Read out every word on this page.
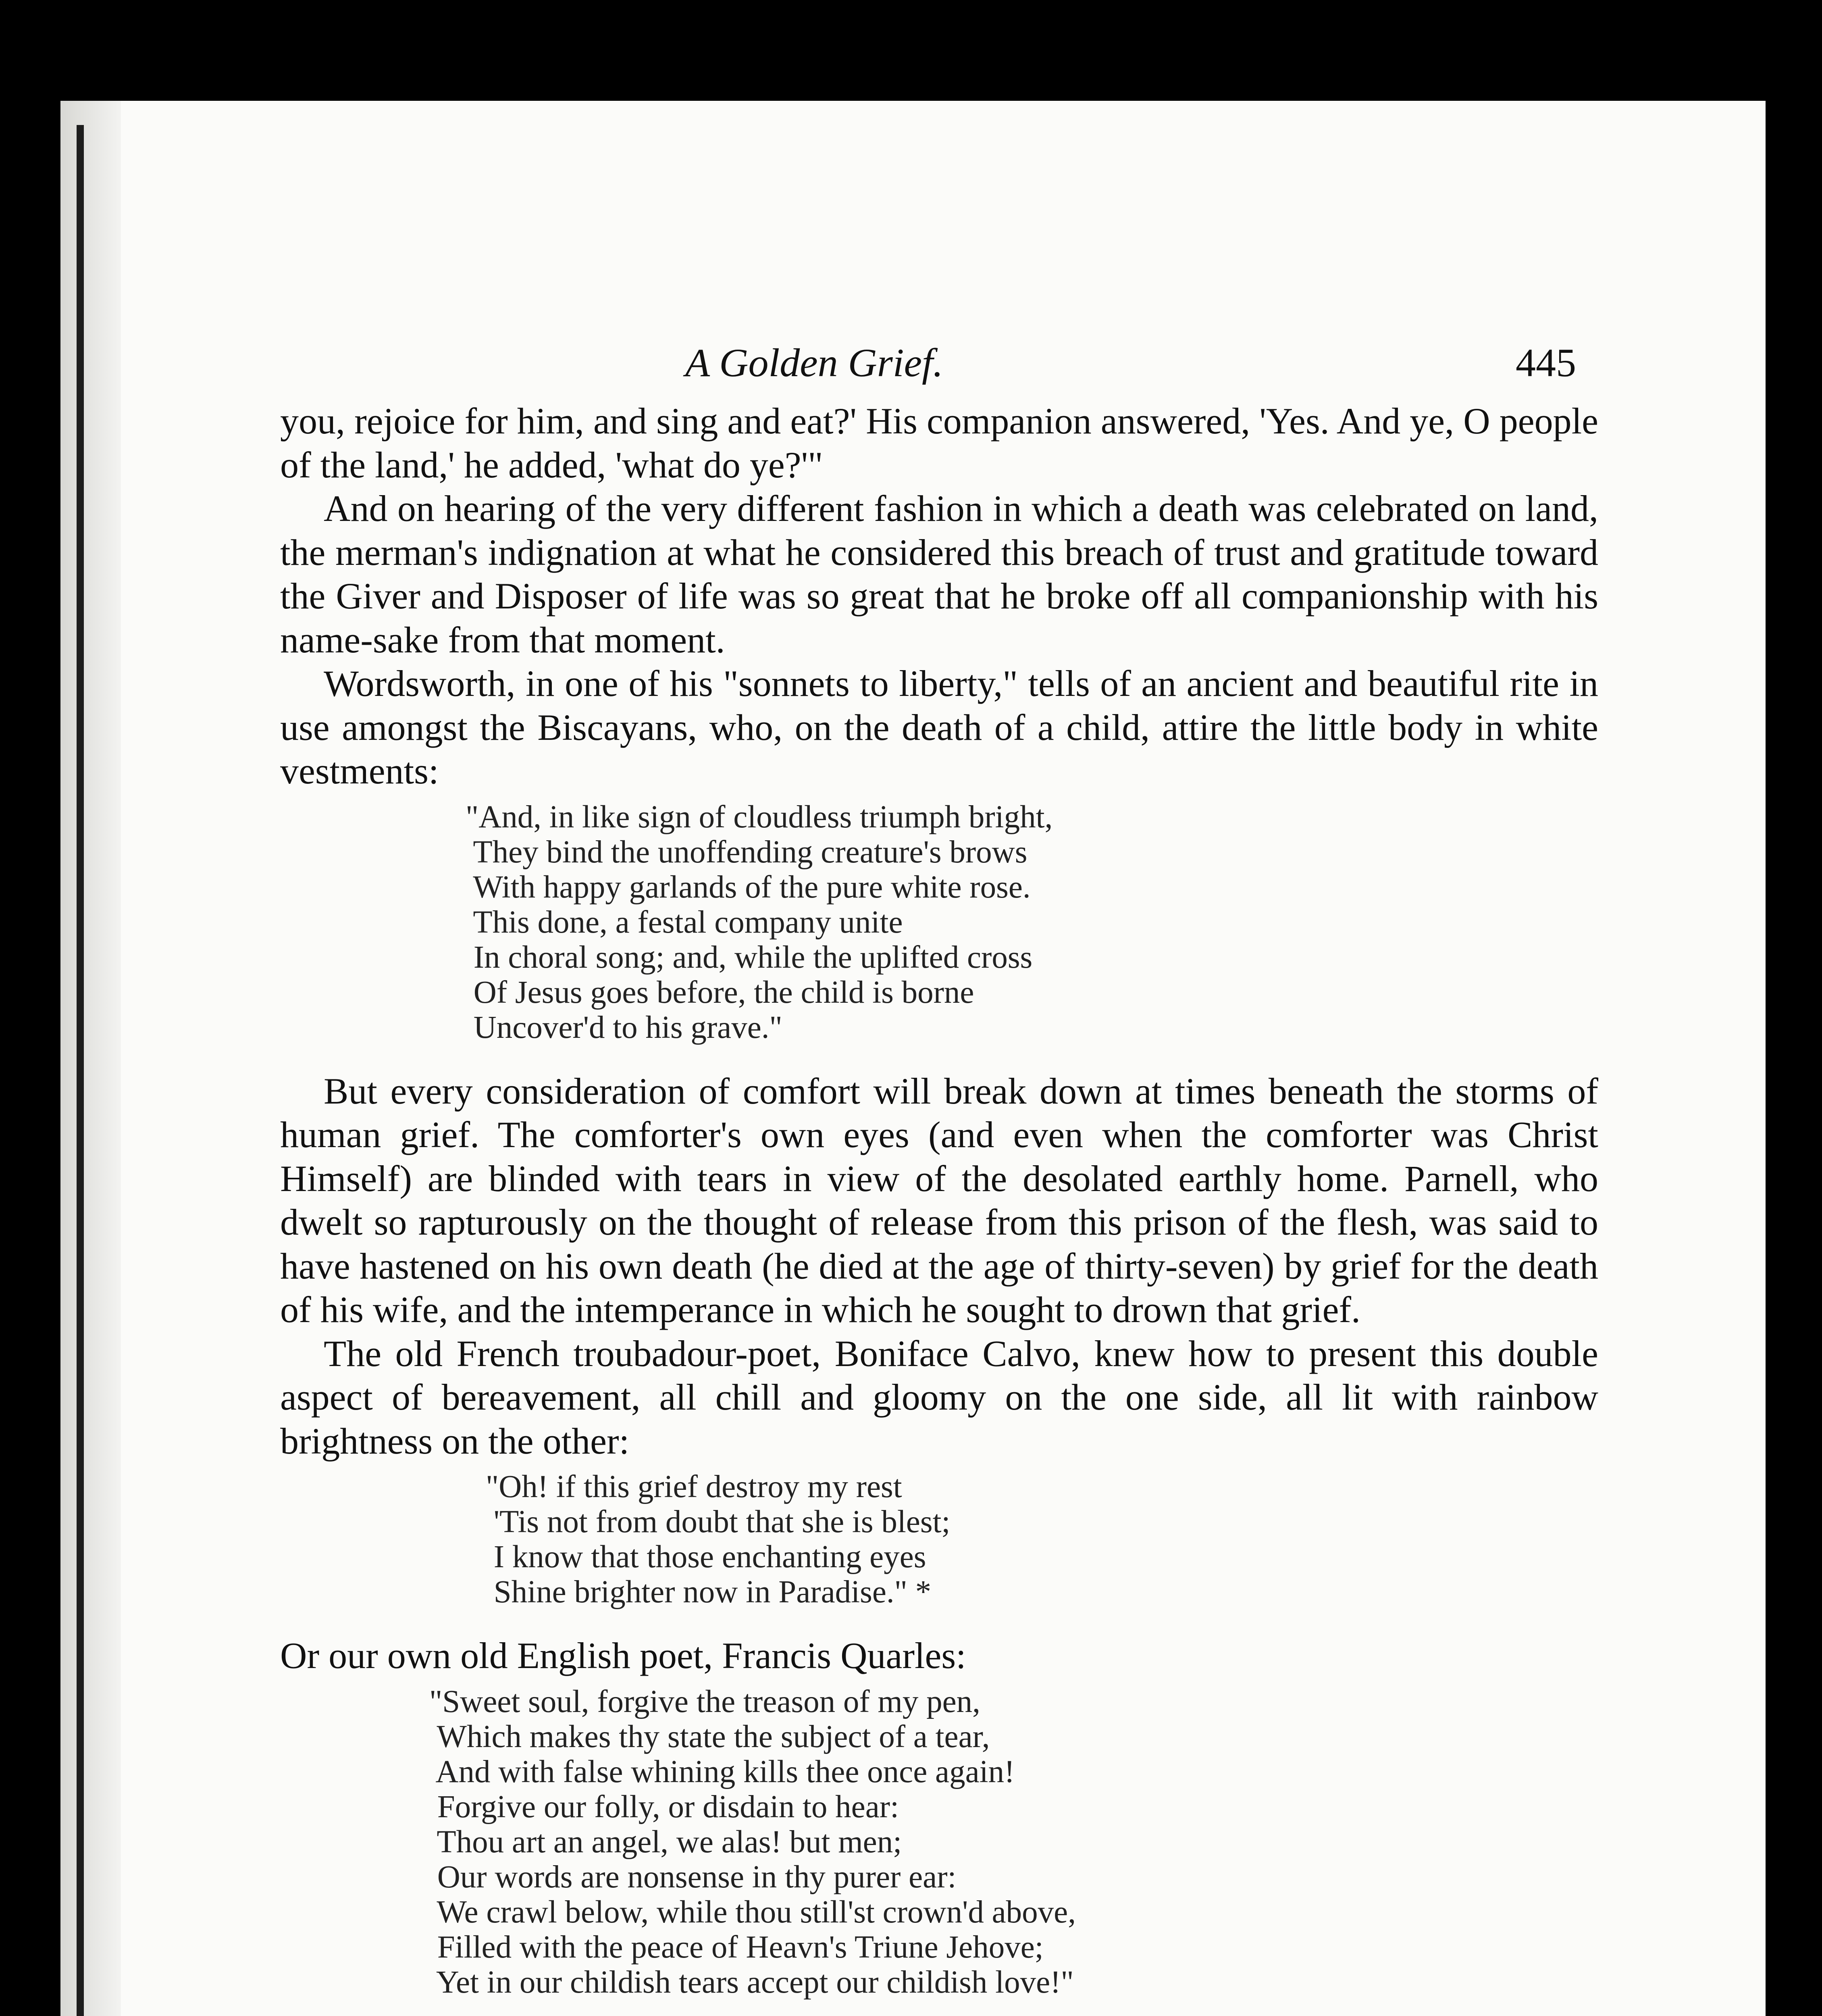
A Golden Grief.	445

you, rejoice for him, and sing and eat?' His companion answered, 'Yes. And ye, O people of the land,' he added, 'what do ye?'"

And on hearing of the very different fashion in which a death was celebrated on land, the merman's indignation at what he considered this breach of trust and gratitude toward the Giver and Disposer of life was so great that he broke off all companionship with his name-sake from that moment.

Wordsworth, in one of his "sonnets to liberty," tells of an ancient and beautiful rite in use amongst the Biscayans, who, on the death of a child, attire the little body in white vestments:

"And, in like sign of cloudless triumph bright,
They bind the unoffending creature's brows
With happy garlands of the pure white rose.
This done, a festal company unite
In choral song; and, while the uplifted cross
Of Jesus goes before, the child is borne
Uncover'd to his grave."

But every consideration of comfort will break down at times beneath the storms of human grief. The comforter's own eyes (and even when the comforter was Christ Himself) are blinded with tears in view of the desolated earthly home. Parnell, who dwelt so rapturously on the thought of release from this prison of the flesh, was said to have hastened on his own death (he died at the age of thirty-seven) by grief for the death of his wife, and the intemperance in which he sought to drown that grief.

The old French troubadour-poet, Boniface Calvo, knew how to present this double aspect of bereavement, all chill and gloomy on the one side, all lit with rainbow brightness on the other:

"Oh! if this grief destroy my rest
'Tis not from doubt that she is blest;
I know that those enchanting eyes
Shine brighter now in Paradise." *

Or our own old English poet, Francis Quarles:

"Sweet soul, forgive the treason of my pen,
Which makes thy state the subject of a tear,
And with false whining kills thee once again!
Forgive our folly, or disdain to hear:
Thou art an angel, we alas! but men;
Our words are nonsense in thy purer ear:
We crawl below, while thou still'st crown'd above,
Filled with the peace of Heavn's Triune Jehove;
Yet in our childish tears accept our childish love!"
